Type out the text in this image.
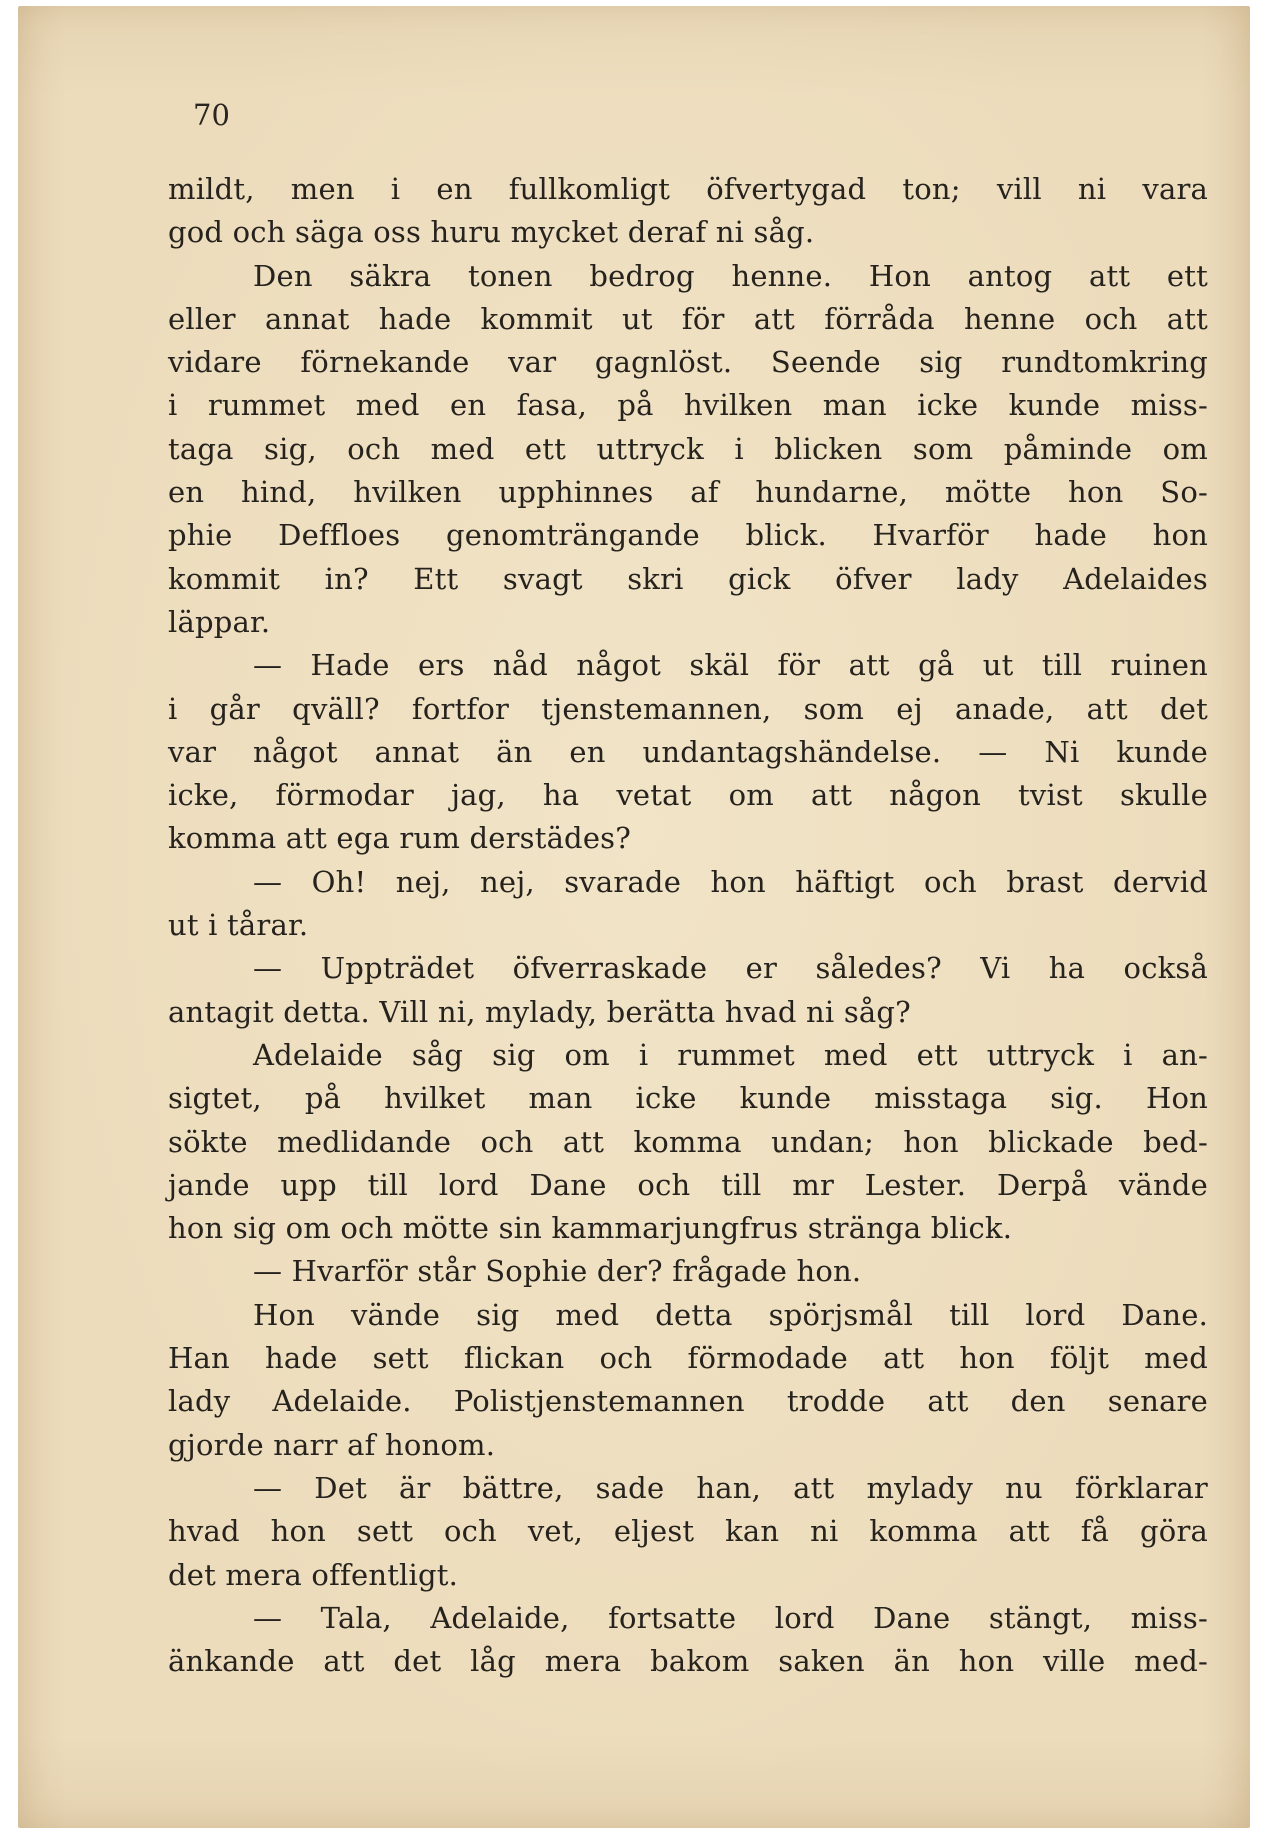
70

mildt, men i en fullkomligt öfvertygad ton; vill ni vara
god och säga oss huru mycket deraf ni såg.
Den säkra tonen bedrog henne. Hon antog att ett
eller annat hade kommit ut för att förråda henne och att
vidare förnekande var gagnlöst. Seende sig rundtomkring
i rummet med en fasa, på hvilken man icke kunde miss-
taga sig, och med ett uttryck i blicken som påminde om
en hind, hvilken upphinnes af hundarne, mötte hon So-
phie Deffloes genomträngande blick. Hvarför hade hon
kommit in? Ett svagt skri gick öfver lady Adelaides
läppar.
— Hade ers nåd något skäl för att gå ut till ruinen
i går qväll? fortfor tjenstemannen, som ej anade, att det
var något annat än en undantagshändelse. — Ni kunde
icke, förmodar jag, ha vetat om att någon tvist skulle
komma att ega rum derstädes?
— Oh! nej, nej, svarade hon häftigt och brast dervid
ut i tårar.
— Uppträdet öfverraskade er således? Vi ha också
antagit detta. Vill ni, mylady, berätta hvad ni såg?
Adelaide såg sig om i rummet med ett uttryck i an-
sigtet, på hvilket man icke kunde misstaga sig. Hon
sökte medlidande och att komma undan; hon blickade bed-
jande upp till lord Dane och till mr Lester. Derpå vände
hon sig om och mötte sin kammarjungfrus stränga blick.
— Hvarför står Sophie der? frågade hon.
Hon vände sig med detta spörjsmål till lord Dane.
Han hade sett flickan och förmodade att hon följt med
lady Adelaide. Polistjenstemannen trodde att den senare
gjorde narr af honom.
— Det är bättre, sade han, att mylady nu förklarar
hvad hon sett och vet, eljest kan ni komma att få göra
det mera offentligt.
— Tala, Adelaide, fortsatte lord Dane stängt, miss-
änkande att det låg mera bakom saken än hon ville med-
